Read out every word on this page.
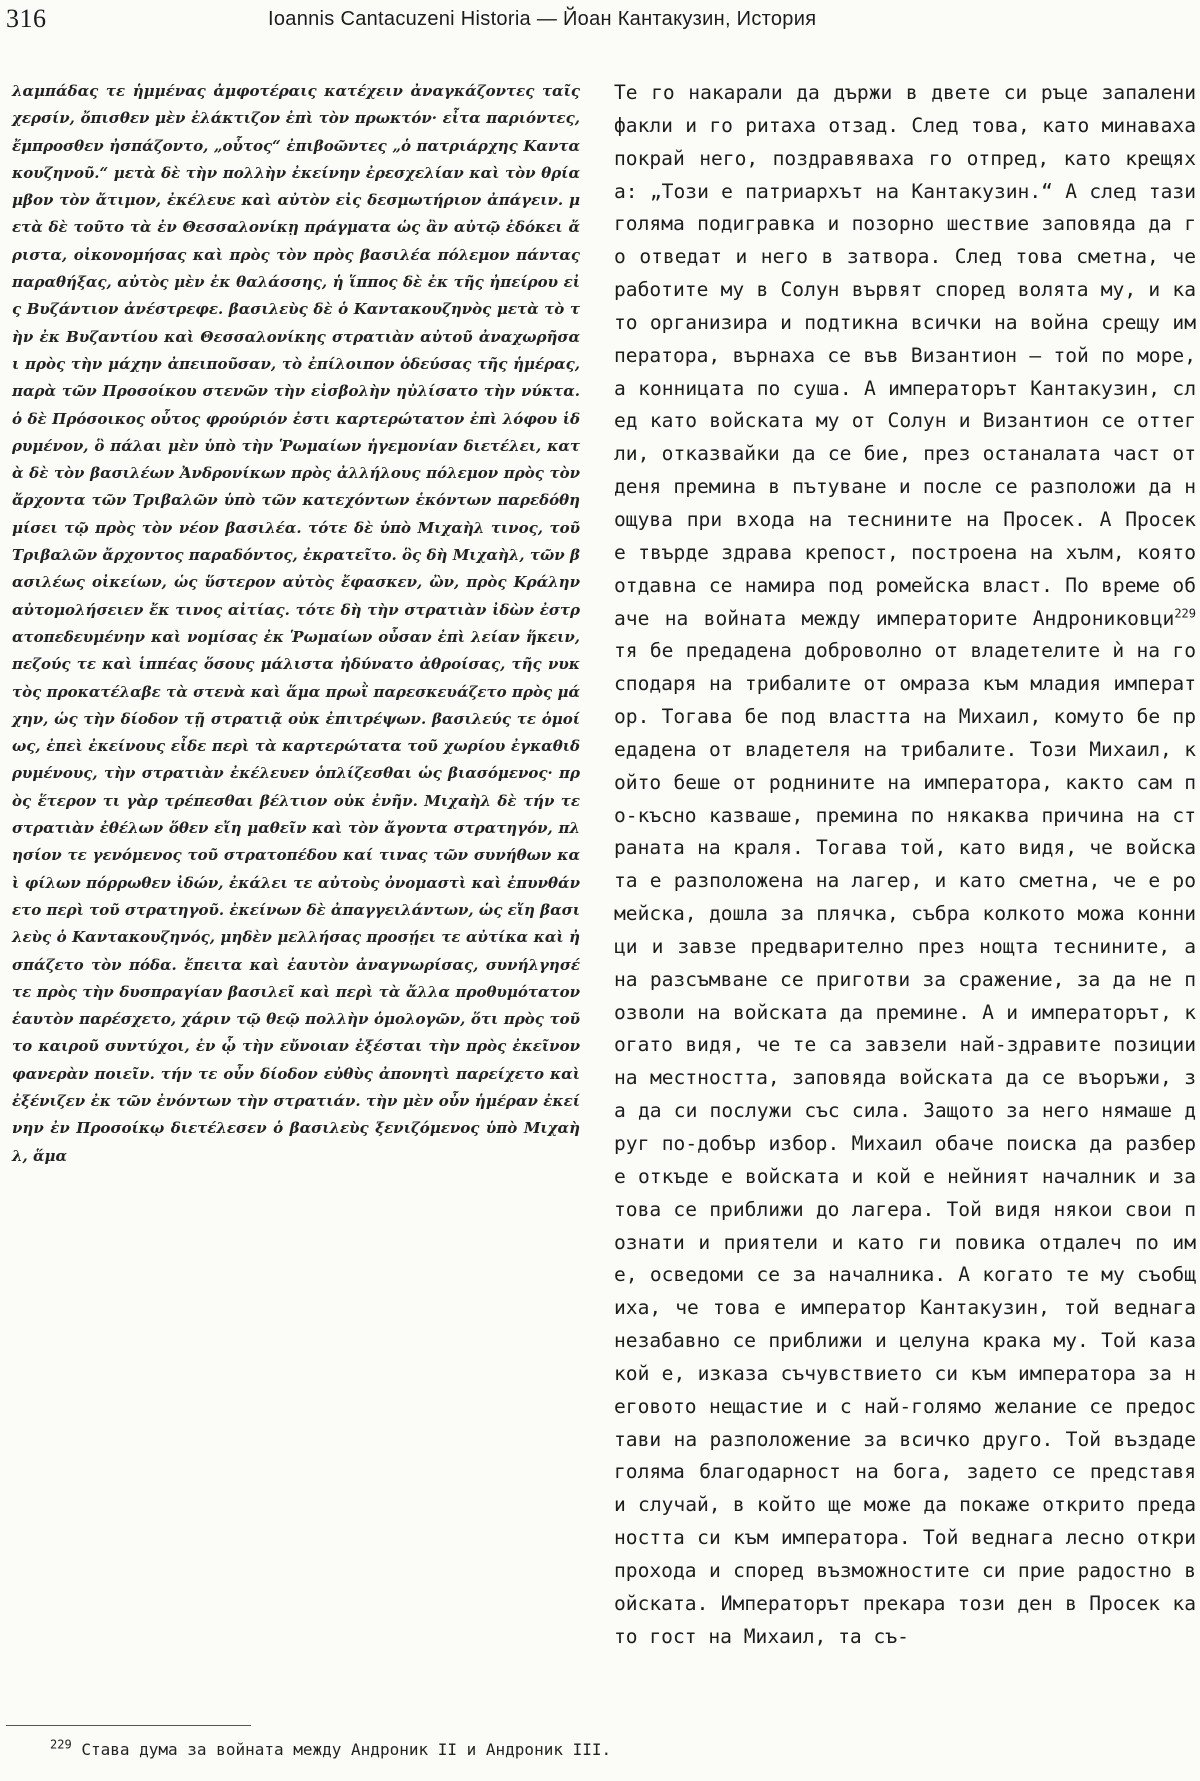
316	Ioannis Cantacuzeni Historia — Йоан Кантакузин, История
λαμπάδας τε ἡμμένας ἀμφοτέραις κατέχειν ἀναγκάζοντες ταῖς χερσίν, ὄπισθεν μὲν ἐλάκτιζον ἐπὶ τὸν πρωκτόν· εἶτα παριόντες, ἔμπροσθεν ἠσπάζοντο, „οὗτος“ ἐπιβοῶντες „ὁ πατριάρχης Καντακουζηνοῦ.“ μετὰ δὲ τὴν πολλὴν ἐκείνην ἐρεσχελίαν καὶ τὸν θρίαμβον τὸν ἄτιμον, ἐκέλευε καὶ αὐτὸν εἰς δεσμωτήριον ἀπάγειν. μετὰ δὲ τοῦτο τὰ ἐν Θεσσαλονίκῃ πράγματα ὡς ἂν αὐτῷ ἐδόκει ἄριστα, οἰκονομήσας καὶ πρὸς τὸν πρὸς βασιλέα πόλεμον πάντας παραθήξας, αὐτὸς μὲν ἐκ θαλάσσης, ἡ ἵππος δὲ ἐκ τῆς ἠπείρου εἰς Βυζάντιον ἀνέστρεφε. βασιλεὺς δὲ ὁ Καντακουζηνὸς μετὰ τὸ τὴν ἐκ Βυζαντίου καὶ Θεσσαλονίκης στρατιὰν αὐτοῦ ἀναχωρῆσαι πρὸς τὴν μάχην ἀπειποῦσαν, τὸ ἐπίλοιπον ὁδεύσας τῆς ἡμέρας, παρὰ τῶν Προσοίκου στενῶν τὴν εἰσβολὴν ηὐλίσατο τὴν νύκτα. ὁ δὲ Πρόσοικος οὗτος φρούριόν ἐστι καρτερώτατον ἐπὶ λόφου ἱδρυμένον, ὃ πάλαι μὲν ὑπὸ τὴν Ῥωμαίων ἡγεμονίαν διετέλει, κατὰ δὲ τὸν βασιλέων Ἀνδρονίκων πρὸς ἀλλήλους πόλεμον πρὸς τὸν ἄρχοντα τῶν Τριβαλῶν ὑπὸ τῶν κατεχόντων ἑκόντων παρεδόθη μίσει τῷ πρὸς τὸν νέον βασιλέα. τότε δὲ ὑπὸ Μιχαὴλ τινος, τοῦ Τριβαλῶν ἄρχοντος παραδόντος, ἐκρατεῖτο. ὃς δὴ Μιχαὴλ, τῶν βασιλέως οἰκείων, ὡς ὕστερον αὐτὸς ἔφασκεν, ὢν, πρὸς Κράλην αὐτομολήσειεν ἔκ τινος αἰτίας. τότε δὴ τὴν στρατιὰν ἰδὼν ἐστρατοπεδευμένην καὶ νομίσας ἐκ Ῥωμαίων οὖσαν ἐπὶ λείαν ἥκειν, πεζούς τε καὶ ἱππέας ὅσους μάλιστα ἠδύνατο ἀθροίσας, τῆς νυκτὸς προκατέλαβε τὰ στενὰ καὶ ἅμα πρωῒ παρεσκευάζετο πρὸς μάχην, ὡς τὴν δίοδον τῇ στρατιᾷ οὐκ ἐπιτρέψων. βασιλεύς τε ὁμοίως, ἐπεὶ ἐκείνους εἶδε περὶ τὰ καρτερώτατα τοῦ χωρίου ἐγκαθιδρυμένους, τὴν στρατιὰν ἐκέλευεν ὁπλίζεσθαι ὡς βιασόμενος· πρὸς ἕτερον τι γὰρ τρέπεσθαι βέλτιον οὐκ ἐνῆν. Μιχαὴλ δὲ τήν τε στρατιὰν ἐθέλων ὅθεν εἴη μαθεῖν καὶ τὸν ἄγοντα στρατηγόν, πλησίον τε γενόμενος τοῦ στρατοπέδου καί τινας τῶν συνήθων καὶ φίλων πόρρωθεν ἰδών, ἐκάλει τε αὐτοὺς ὀνομαστὶ καὶ ἐπυνθάνετο περὶ τοῦ στρατηγοῦ. ἐκείνων δὲ ἀπαγγειλάντων, ὡς εἴη βασιλεὺς ὁ Καντακουζηνός, μηδὲν μελλήσας προσῄει τε αὐτίκα καὶ ἠσπάζετο τὸν πόδα. ἔπειτα καὶ ἑαυτὸν ἀναγνωρίσας, συνήλγησέ τε πρὸς τὴν δυσπραγίαν βασιλεῖ καὶ περὶ τὰ ἄλλα προθυμότατον ἑαυτὸν παρέσχετο, χάριν τῷ θεῷ πολλὴν ὁμολογῶν, ὅτι πρὸς τοῦτο καιροῦ συντύχοι, ἐν ᾧ τὴν εὔνοιαν ἐξέσται τὴν πρὸς ἐκεῖνον φανερὰν ποιεῖν. τήν τε οὖν δίοδον εὐθὺς ἀπονητὶ παρείχετο καὶ ἐξένιζεν ἐκ τῶν ἐνόντων τὴν στρατιάν. τὴν μὲν οὖν ἡμέραν ἐκείνην ἐν Προσοίκῳ διετέλεσεν ὁ βασιλεὺς ξενιζόμενος ὑπὸ Μιχαὴλ, ἅμα
Те го накарали да държи в двете си ръце запалени факли и го ритаха отзад. След това, като минаваха покрай него, поздравяваха го отпред, като крещяха: „Този е патриархът на Кантакузин.“ А след тази голяма подигравка и позорно шествие заповяда да го отведат и него в затвора. След това сметна, че работите му в Солун вървят според волята му, и като организира и подтикна всички на война срещу императора, върнаха се във Византион — той по море, а конницата по суша. А императорът Кантакузин, след като войската му от Солун и Византион се оттегли, отказвайки да се бие, през останалата част от деня премина в пътуване и после се разположи да нощува при входа на теснините на Просек. А Просек е твърде здрава крепост, построена на хълм, която отдавна се намира под ромейска власт. По време обаче на войната между императорите Андрониковци$^{229}$ тя бе предадена доброволно от владетелите ѝ на господаря на трибалите от омраза към младия император. Тогава бе под властта на Михаил, комуто бе предадена от владетеля на трибалите. Този Михаил, който беше от роднините на императора, както сам по-късно казваше, премина по някаква причина на страната на краля. Тогава той, като видя, че войската е разположена на лагер, и като сметна, че е ромейска, дошла за плячка, събра колкото можа конници и завзе предварително през нощта теснините, а на разсъмване се приготви за сражение, за да не позволи на войската да премине. А и императорът, когато видя, че те са завзели най-здравите позиции на местността, заповяда войската да се въоръжи, за да си послужи със сила. Защото за него нямаше друг по-добър избор. Михаил обаче поиска да разбере откъде е войската и кой е нейният началник и затова се приближи до лагера. Той видя някои свои познати и приятели и като ги повика отдалеч по име, осведоми се за началника. А когато те му съобщиха, че това е император Кантакузин, той веднага незабавно се приближи и целуна крака му. Той каза кой е, изказа съчувствието си към императора за неговото нещастие и с най-голямо желание се предостави на разположение за всичко друго. Той въздаде голяма благодарност на бога, задето се представя и случай, в който ще може да покаже открито предаността си към императора. Той веднага лесно откри прохода и според възможностите си прие радостно войската. Императорът прекара този ден в Просек като гост на Михаил, та съ-
$^{229}$ Става дума за войната между Андроник II и Андроник III.
